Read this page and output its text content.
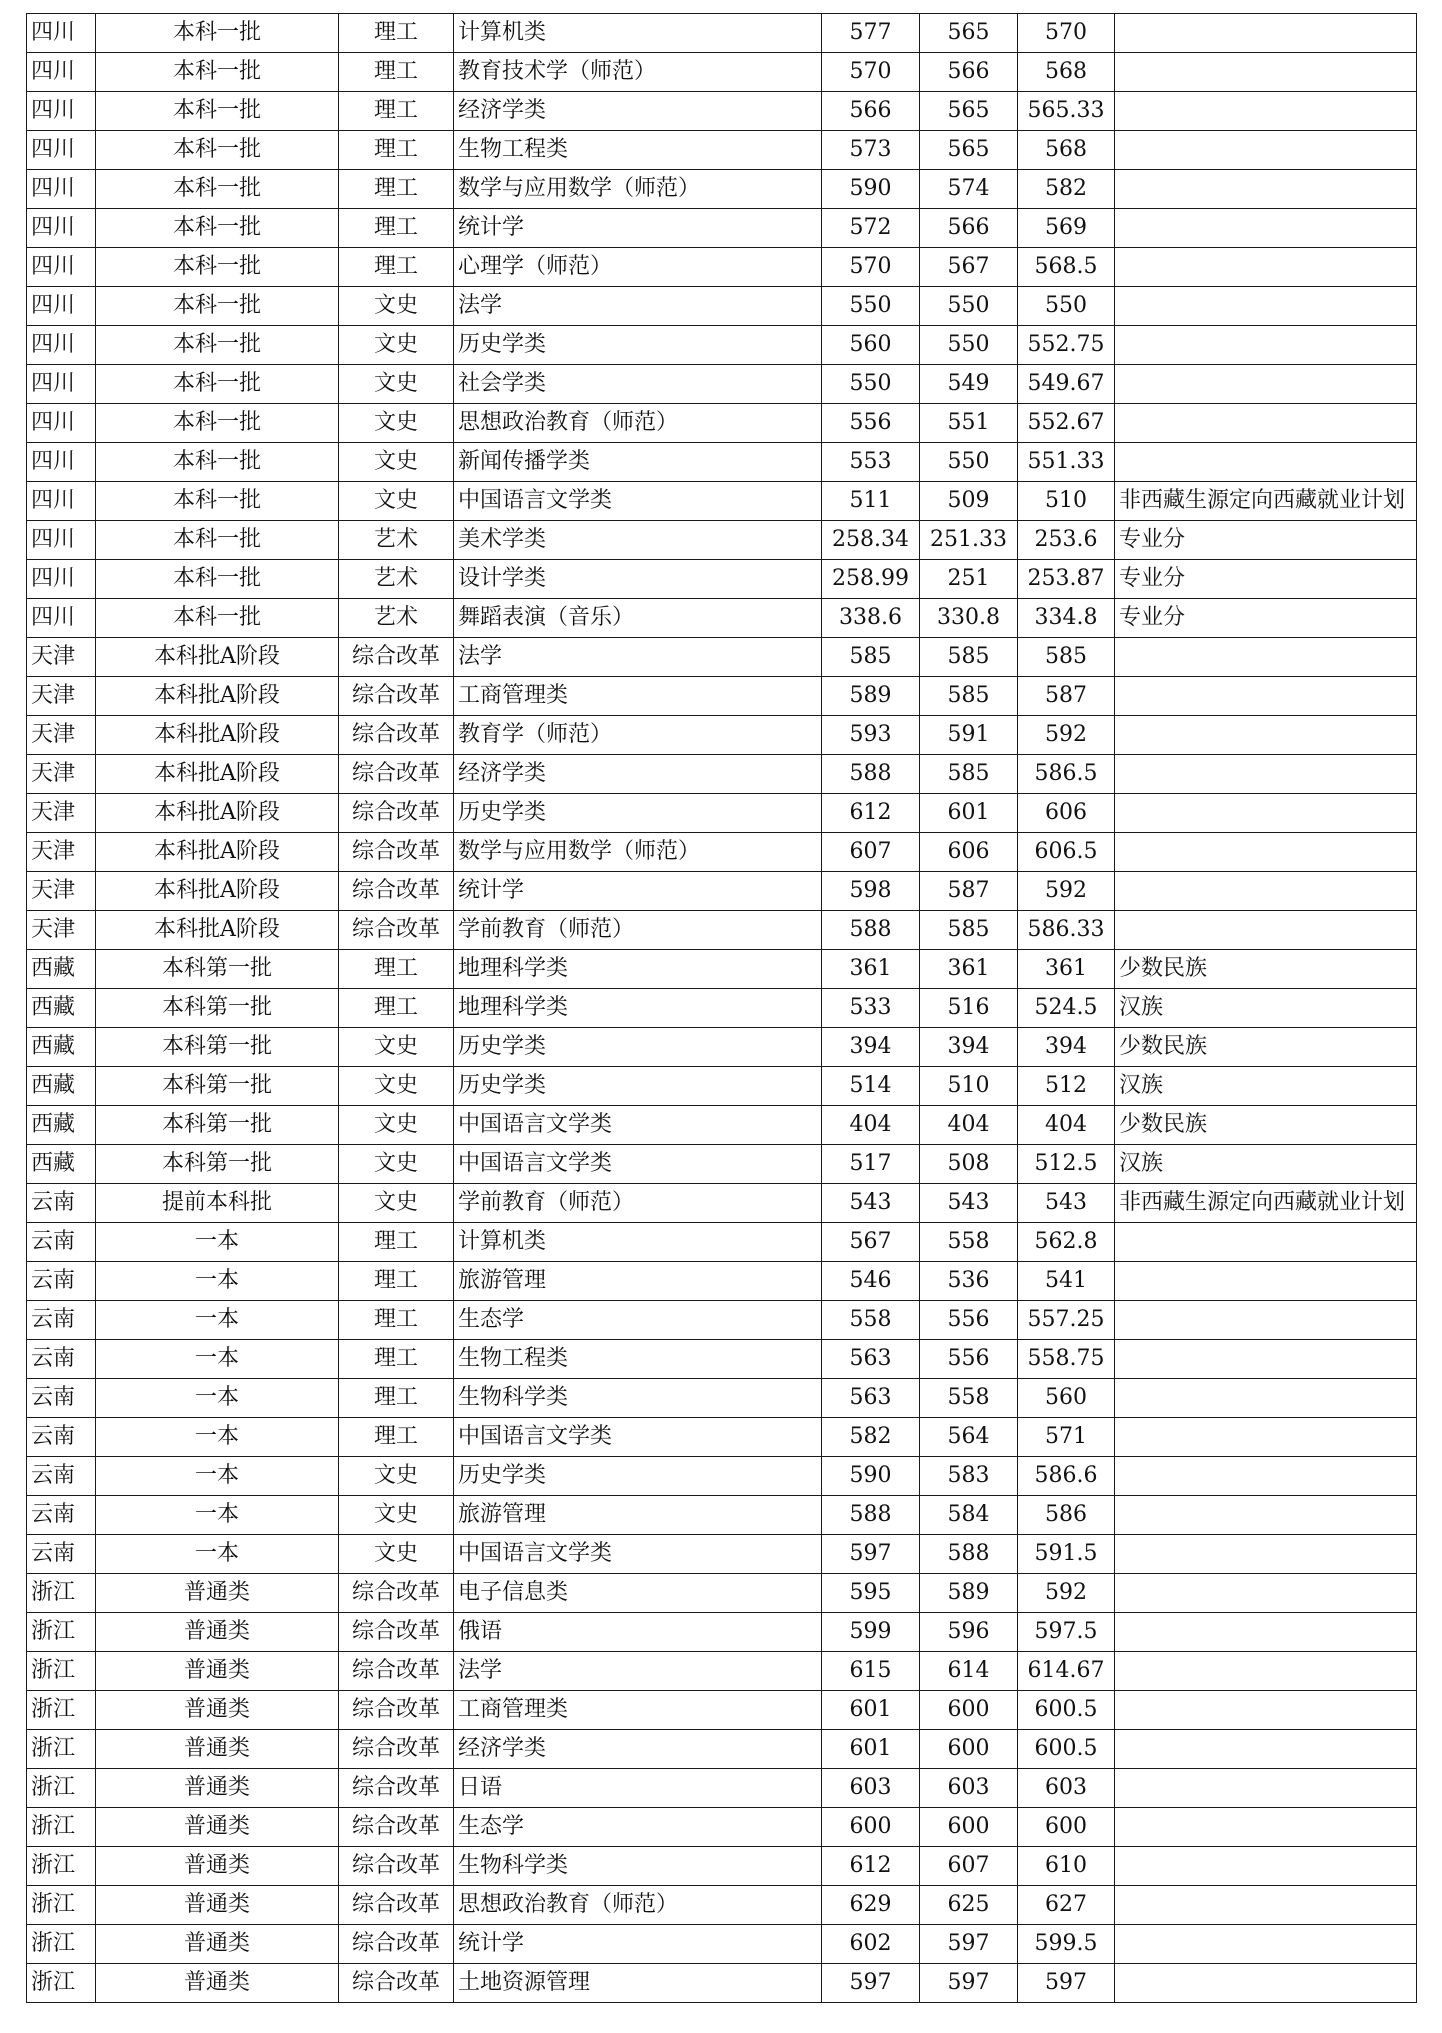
四川	本科一批	理工	计算机类	577	565	570	
四川	本科一批	理工	教育技术学（师范）	570	566	568	
四川	本科一批	理工	经济学类	566	565	565.33	
四川	本科一批	理工	生物工程类	573	565	568	
四川	本科一批	理工	数学与应用数学（师范）	590	574	582	
四川	本科一批	理工	统计学	572	566	569	
四川	本科一批	理工	心理学（师范）	570	567	568.5	
四川	本科一批	文史	法学	550	550	550	
四川	本科一批	文史	历史学类	560	550	552.75	
四川	本科一批	文史	社会学类	550	549	549.67	
四川	本科一批	文史	思想政治教育（师范）	556	551	552.67	
四川	本科一批	文史	新闻传播学类	553	550	551.33	
四川	本科一批	文史	中国语言文学类	511	509	510	非西藏生源定向西藏就业计划
四川	本科一批	艺术	美术学类	258.34	251.33	253.6	专业分
四川	本科一批	艺术	设计学类	258.99	251	253.87	专业分
四川	本科一批	艺术	舞蹈表演（音乐）	338.6	330.8	334.8	专业分
天津	本科批A阶段	综合改革	法学	585	585	585	
天津	本科批A阶段	综合改革	工商管理类	589	585	587	
天津	本科批A阶段	综合改革	教育学（师范）	593	591	592	
天津	本科批A阶段	综合改革	经济学类	588	585	586.5	
天津	本科批A阶段	综合改革	历史学类	612	601	606	
天津	本科批A阶段	综合改革	数学与应用数学（师范）	607	606	606.5	
天津	本科批A阶段	综合改革	统计学	598	587	592	
天津	本科批A阶段	综合改革	学前教育（师范）	588	585	586.33	
西藏	本科第一批	理工	地理科学类	361	361	361	少数民族
西藏	本科第一批	理工	地理科学类	533	516	524.5	汉族
西藏	本科第一批	文史	历史学类	394	394	394	少数民族
西藏	本科第一批	文史	历史学类	514	510	512	汉族
西藏	本科第一批	文史	中国语言文学类	404	404	404	少数民族
西藏	本科第一批	文史	中国语言文学类	517	508	512.5	汉族
云南	提前本科批	文史	学前教育（师范）	543	543	543	非西藏生源定向西藏就业计划
云南	一本	理工	计算机类	567	558	562.8	
云南	一本	理工	旅游管理	546	536	541	
云南	一本	理工	生态学	558	556	557.25	
云南	一本	理工	生物工程类	563	556	558.75	
云南	一本	理工	生物科学类	563	558	560	
云南	一本	理工	中国语言文学类	582	564	571	
云南	一本	文史	历史学类	590	583	586.6	
云南	一本	文史	旅游管理	588	584	586	
云南	一本	文史	中国语言文学类	597	588	591.5	
浙江	普通类	综合改革	电子信息类	595	589	592	
浙江	普通类	综合改革	俄语	599	596	597.5	
浙江	普通类	综合改革	法学	615	614	614.67	
浙江	普通类	综合改革	工商管理类	601	600	600.5	
浙江	普通类	综合改革	经济学类	601	600	600.5	
浙江	普通类	综合改革	日语	603	603	603	
浙江	普通类	综合改革	生态学	600	600	600	
浙江	普通类	综合改革	生物科学类	612	607	610	
浙江	普通类	综合改革	思想政治教育（师范）	629	625	627	
浙江	普通类	综合改革	统计学	602	597	599.5	
浙江	普通类	综合改革	土地资源管理	597	597	597	
